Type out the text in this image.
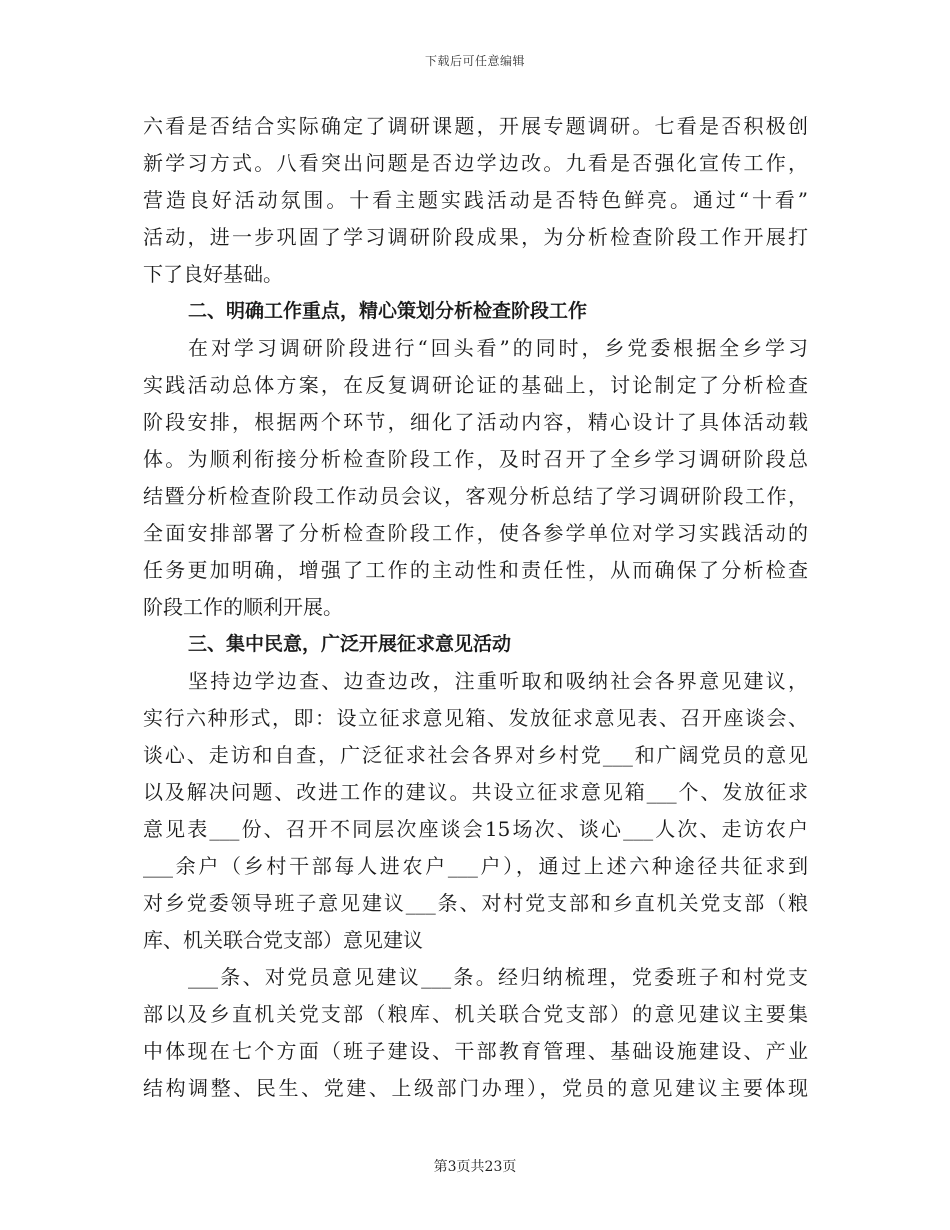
下载后可任意编辑
六看是否结合实际确定了调研课题，开展专题调研。七看是否积极创
新学习方式。八看突出问题是否边学边改。九看是否强化宣传工作，
营造良好活动氛围。十看主题实践活动是否特色鲜亮。通过“十看”
活动，进一步巩固了学习调研阶段成果，为分析检查阶段工作开展打
下了良好基础。
二、明确工作重点，精心策划分析检查阶段工作
在对学习调研阶段进行“回头看”的同时，乡党委根据全乡学习
实践活动总体方案，在反复调研论证的基础上，讨论制定了分析检查
阶段安排，根据两个环节，细化了活动内容，精心设计了具体活动载
体。为顺利衔接分析检查阶段工作，及时召开了全乡学习调研阶段总
结暨分析检查阶段工作动员会议，客观分析总结了学习调研阶段工作，
全面安排部署了分析检查阶段工作，使各参学单位对学习实践活动的
任务更加明确，增强了工作的主动性和责任性，从而确保了分析检查
阶段工作的顺利开展。
三、集中民意，广泛开展征求意见活动
坚持边学边查、边查边改，注重听取和吸纳社会各界意见建议，
实行六种形式，即：设立征求意见箱、发放征求意见表、召开座谈会、
谈心、走访和自查，广泛征求社会各界对乡村党___和广阔党员的意见
以及解决问题、改进工作的建议。共设立征求意见箱___个、发放征求
意见表___份、召开不同层次座谈会15场次、谈心___人次、走访农户
___余户（乡村干部每人进农户___户），通过上述六种途径共征求到
对乡党委领导班子意见建议___条、对村党支部和乡直机关党支部（粮
库、机关联合党支部）意见建议
___条、对党员意见建议___条。经归纳梳理，党委班子和村党支
部以及乡直机关党支部（粮库、机关联合党支部）的意见建议主要集
中体现在七个方面（班子建设、干部教育管理、基础设施建设、产业
结构调整、民生、党建、上级部门办理），党员的意见建议主要体现
第3页共23页
